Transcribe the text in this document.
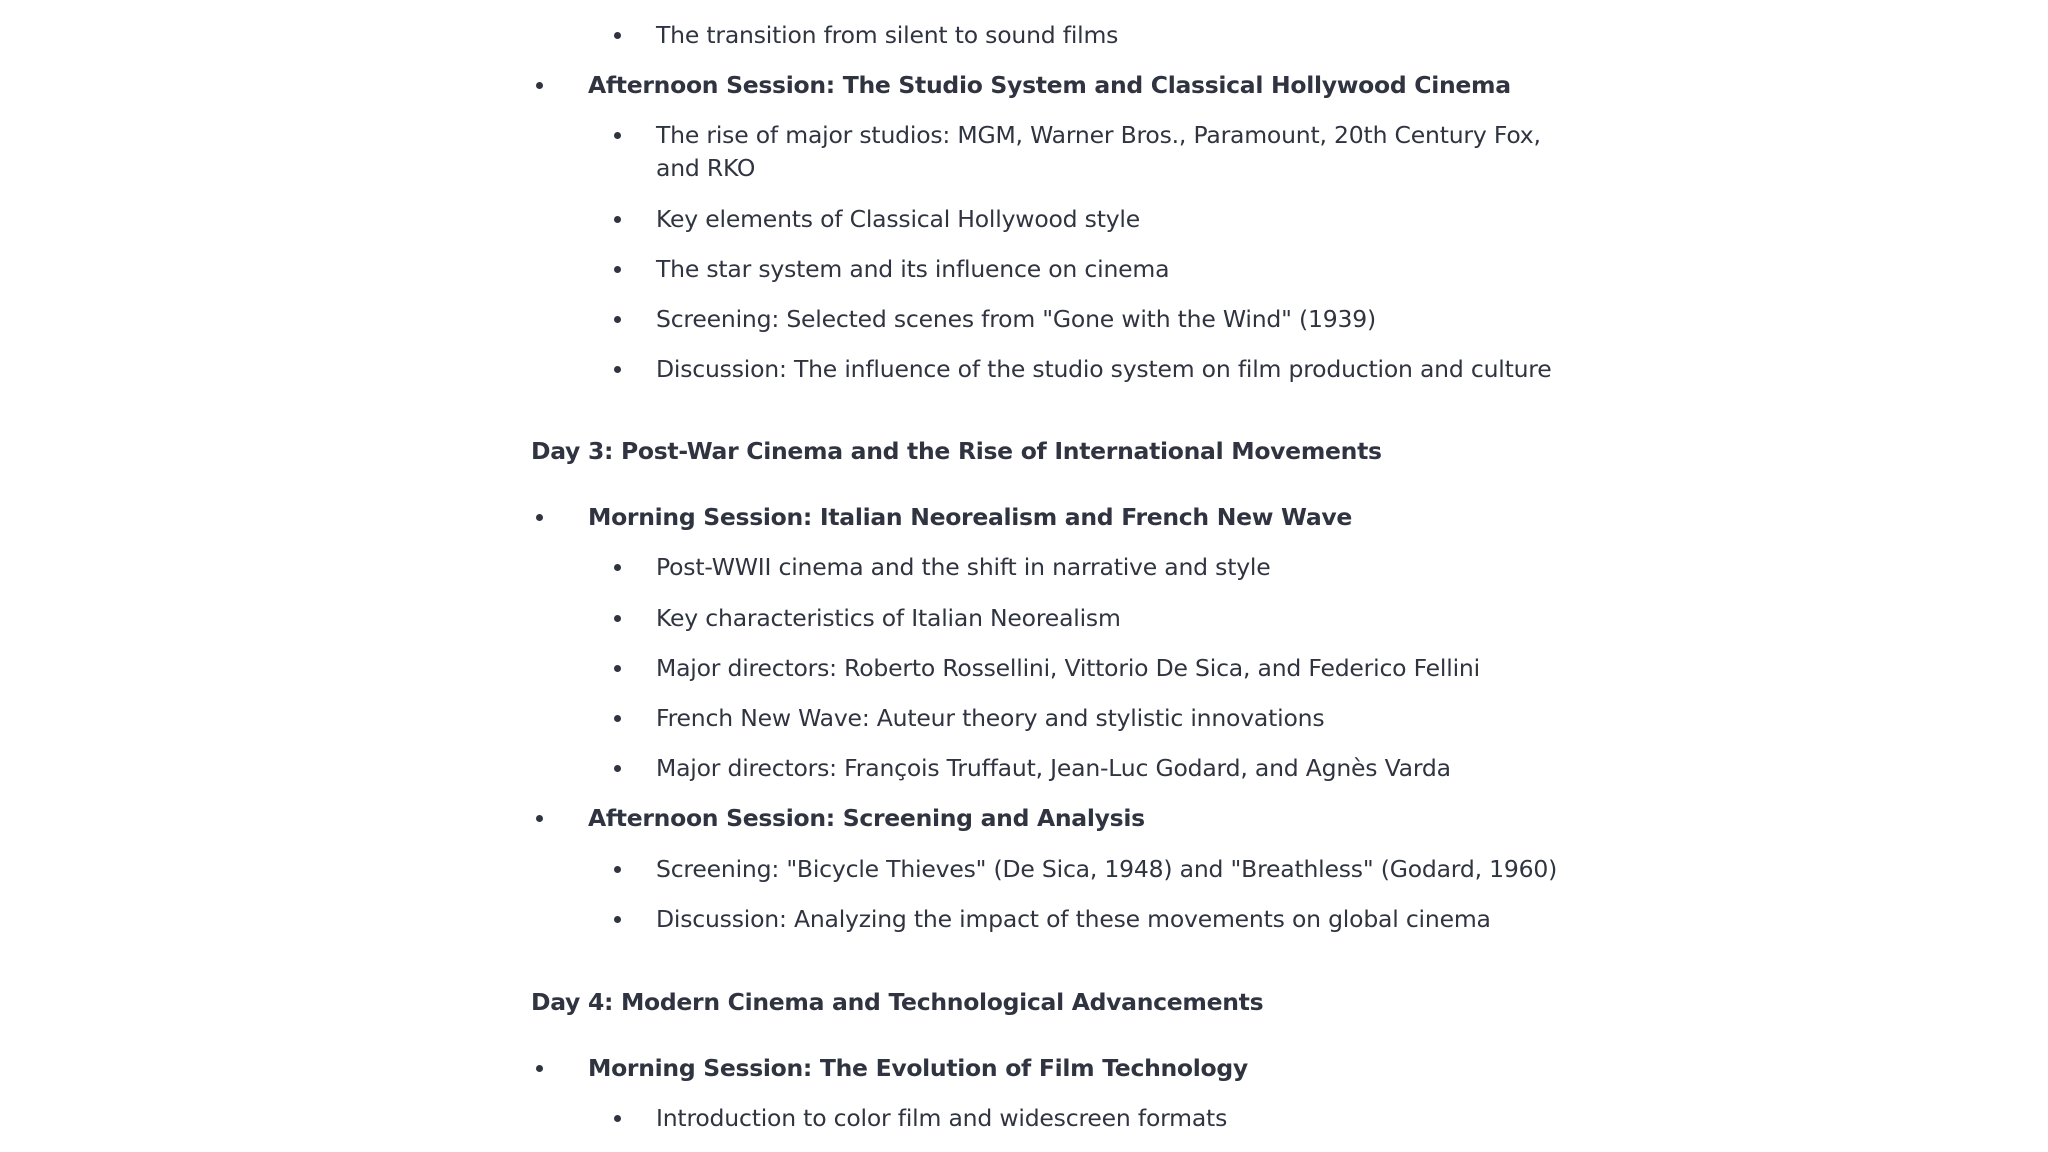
The transition from silent to sound films
Afternoon Session: The Studio System and Classical Hollywood Cinema
The rise of major studios: MGM, Warner Bros., Paramount, 20th Century Fox,
and RKO
Key elements of Classical Hollywood style
The star system and its influence on cinema
Screening: Selected scenes from "Gone with the Wind" (1939)
Discussion: The influence of the studio system on film production and culture
Day 3: Post-War Cinema and the Rise of International Movements
Morning Session: Italian Neorealism and French New Wave
Post-WWII cinema and the shift in narrative and style
Key characteristics of Italian Neorealism
Major directors: Roberto Rossellini, Vittorio De Sica, and Federico Fellini
French New Wave: Auteur theory and stylistic innovations
Major directors: François Truffaut, Jean-Luc Godard, and Agnès Varda
Afternoon Session: Screening and Analysis
Screening: "Bicycle Thieves" (De Sica, 1948) and "Breathless" (Godard, 1960)
Discussion: Analyzing the impact of these movements on global cinema
Day 4: Modern Cinema and Technological Advancements
Morning Session: The Evolution of Film Technology
Introduction to color film and widescreen formats
